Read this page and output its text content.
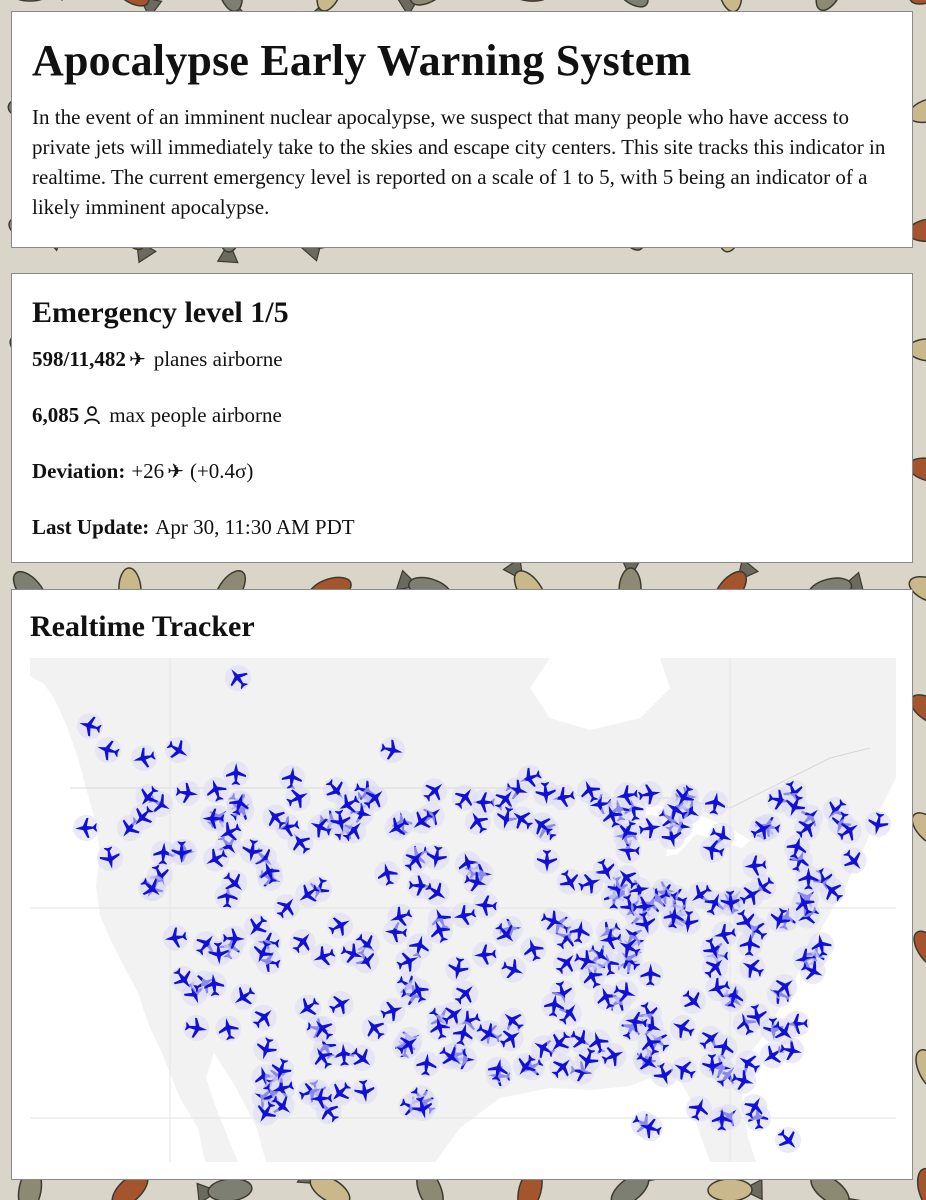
Apocalypse Early Warning System

In the event of an imminent nuclear apocalypse, we suspect that many people who have access to private jets will immediately take to the skies and escape city centers. This site tracks this indicator in realtime. The current emergency level is reported on a scale of 1 to 5, with 5 being an indicator of a likely imminent apocalypse.

Emergency level 1/5
598/11,482 ✈ planes airborne
6,085 max people airborne
Deviation: +26 ✈ (+0.4σ)
Last Update: Apr 30, 11:30 AM PDT
Realtime Tracker
